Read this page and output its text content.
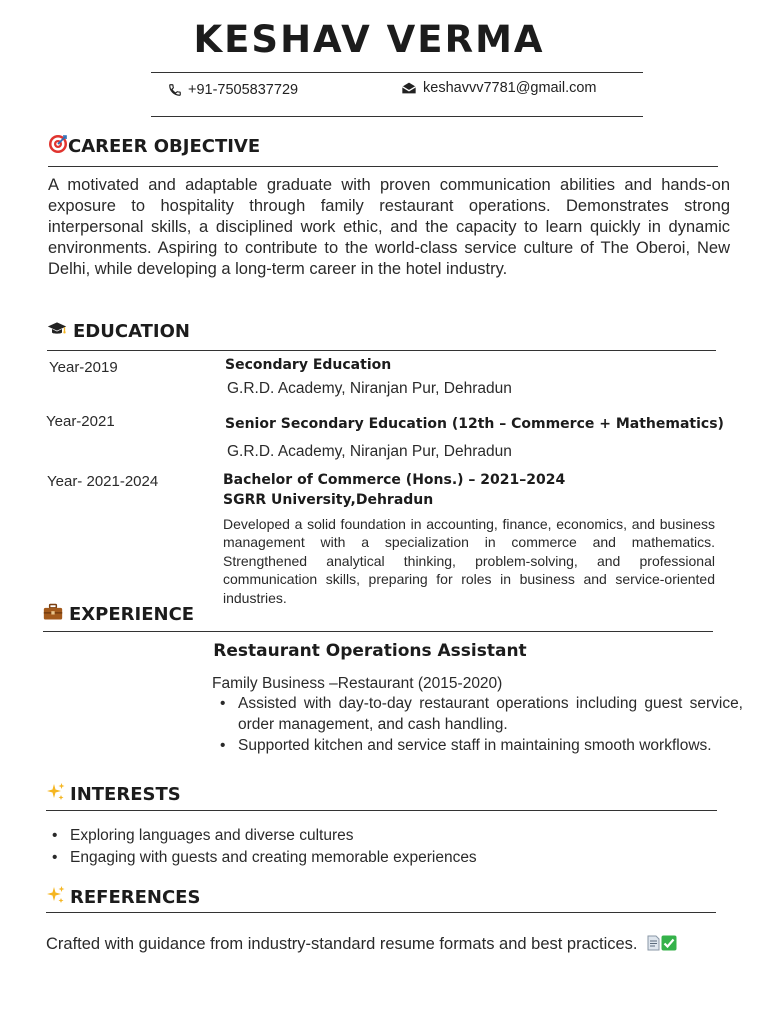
KESHAV VERMA
+91-7505837729	keshavvv7781@gmail.com
CAREER OBJECTIVE
A motivated and adaptable graduate with proven communication abilities and hands-on exposure to hospitality through family restaurant operations. Demonstrates strong interpersonal skills, a disciplined work ethic, and the capacity to learn quickly in dynamic environments. Aspiring to contribute to the world-class service culture of The Oberoi, New Delhi, while developing a long-term career in the hotel industry.
EDUCATION
Year-2019	Secondary Education
G.R.D. Academy, Niranjan Pur, Dehradun
Year-2021	Senior Secondary Education (12th – Commerce + Mathematics)
G.R.D. Academy, Niranjan Pur, Dehradun
Year- 2021-2024	Bachelor of Commerce (Hons.) – 2021–2024
SGRR University,Dehradun
Developed a solid foundation in accounting, finance, economics, and business management with a specialization in commerce and mathematics. Strengthened analytical thinking, problem-solving, and professional communication skills, preparing for roles in business and service-oriented industries.
EXPERIENCE
Restaurant Operations Assistant
Family Business –Restaurant (2015-2020)
• Assisted with day-to-day restaurant operations including guest service, order management, and cash handling.
• Supported kitchen and service staff in maintaining smooth workflows.
INTERESTS
• Exploring languages and diverse cultures
• Engaging with guests and creating memorable experiences
REFERENCES
Crafted with guidance from industry-standard resume formats and best practices.
